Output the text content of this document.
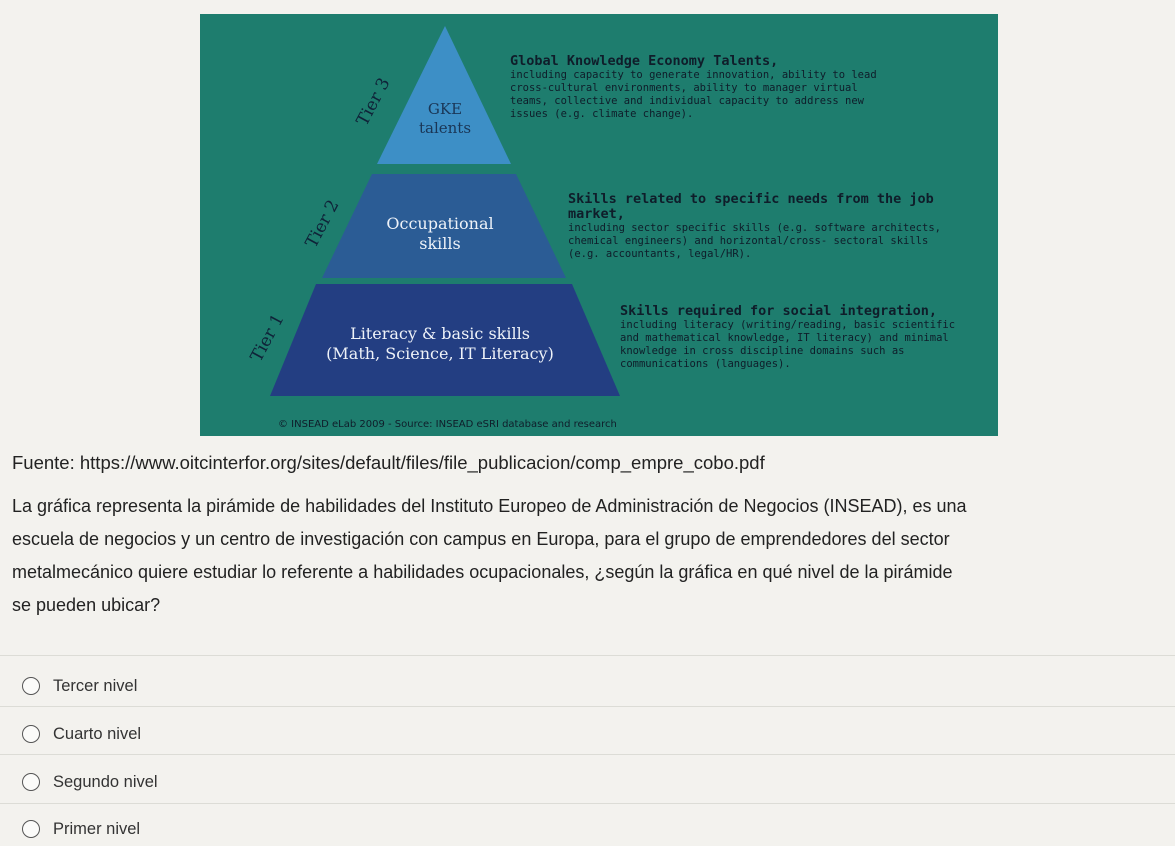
Tier 3
Tier 2
Tier 1
GKE
talents
Occupational
skills
Literacy & basic skills
(Math, Science, IT Literacy)
Global Knowledge Economy Talents,
including capacity to generate innovation, ability to lead
cross-cultural environments, ability to manager virtual
teams, collective and individual capacity to address new
issues (e.g. climate change).
Skills related to specific needs from the job market,
including sector specific skills (e.g. software architects,
chemical engineers) and horizontal/cross- sectoral skills
(e.g. accountants, legal/HR).
Skills required for social integration,
including literacy (writing/reading, basic scientific
and mathematical knowledge, IT literacy) and minimal
knowledge in cross discipline domains such as
communications (languages).
© INSEAD eLab 2009 - Source: INSEAD eSRI database and research
Fuente: https://www.oitcinterfor.org/sites/default/files/file_publicacion/comp_empre_cobo.pdf
La gráfica representa la pirámide de habilidades del Instituto Europeo de Administración de Negocios (INSEAD), es una
escuela de negocios y un centro de investigación con campus en Europa, para el grupo de emprendedores del sector
metalmecánico quiere estudiar lo referente a habilidades ocupacionales, ¿según la gráfica en qué nivel de la pirámide
se pueden ubicar?
Tercer nivel
Cuarto nivel
Segundo nivel
Primer nivel
